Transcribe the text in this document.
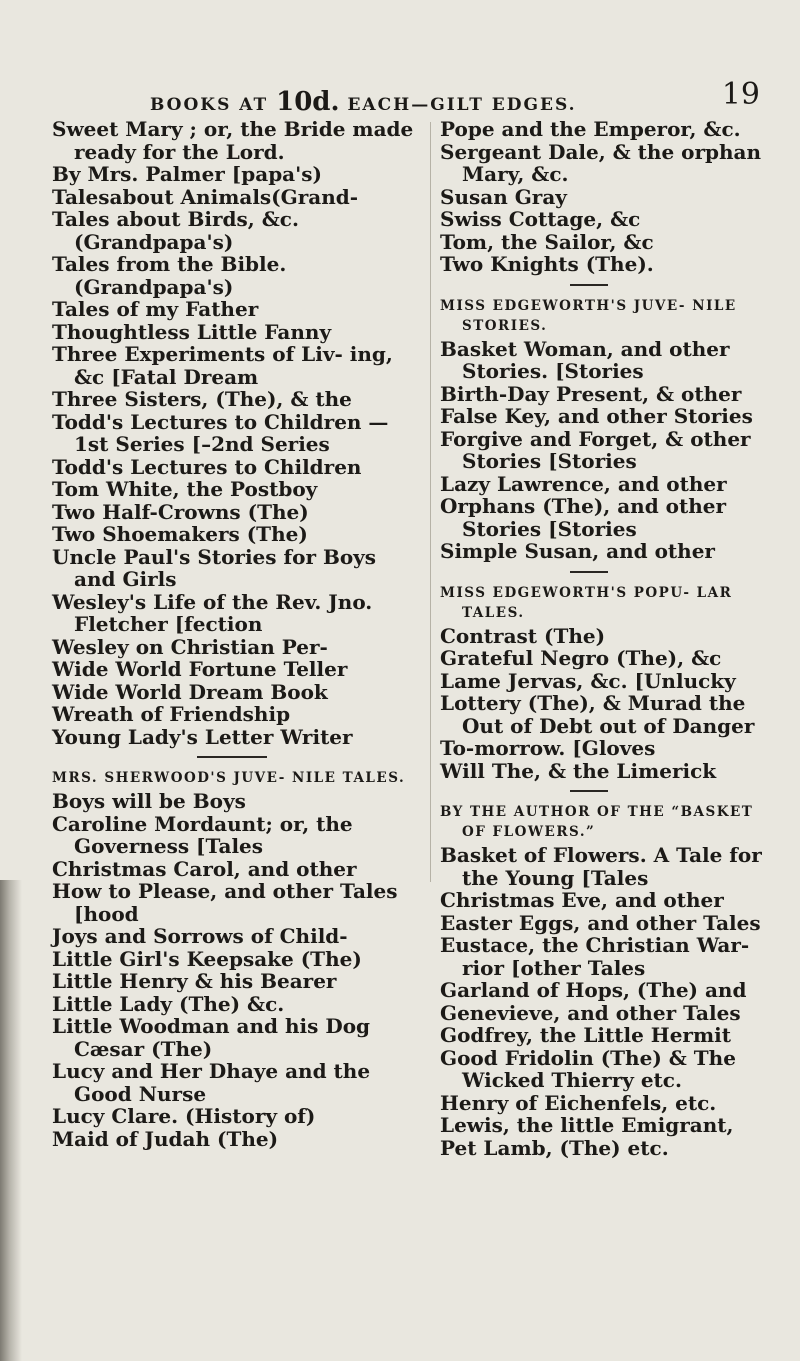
BOOKS AT 10d. EACH—GILT EDGES.	19

Sweet Mary ; or, the Bride made ready for the Lord.

By Mrs. Palmer [papa's)

Talesabout Animals(Grand-

Tales about Birds, &c. (Grandpapa's)

Tales from the Bible. (Grandpapa's)

Tales of my Father

Thoughtless Little Fanny

Three Experiments of Liv- ing, &c [Fatal Dream

Three Sisters, (The), & the

Todd's Lectures to Children —1st Series [–2nd Series

Todd's Lectures to Children

Tom White, the Postboy

Two Half-Crowns (The)

Two Shoemakers (The)

Uncle Paul's Stories for Boys and Girls

Wesley's Life of the Rev. Jno. Fletcher [fection

Wesley on Christian Per-

Wide World Fortune Teller

Wide World Dream Book

Wreath of Friendship

Young Lady's Letter Writer

MRS. SHERWOOD'S JUVE- NILE TALES.

Boys will be Boys

Caroline Mordaunt; or, the Governess [Tales

Christmas Carol, and other

How to Please, and other Tales [hood

Joys and Sorrows of Child-

Little Girl's Keepsake (The)

Little Henry & his Bearer

Little Lady (The) &c.

Little Woodman and his Dog Cæsar (The)

Lucy and Her Dhaye and the Good Nurse

Lucy Clare. (History of)

Maid of Judah (The)

Pope and the Emperor, &c.

Sergeant Dale, & the orphan Mary, &c.

Susan Gray

Swiss Cottage, &c

Tom, the Sailor, &c

Two Knights (The).

MISS EDGEWORTH'S JUVE- NILE STORIES.

Basket Woman, and other Stories. [Stories

Birth-Day Present, & other

False Key, and other Stories

Forgive and Forget, & other Stories [Stories

Lazy Lawrence, and other

Orphans (The), and other Stories [Stories

Simple Susan, and other

MISS EDGEWORTH'S POPU- LAR TALES.

Contrast (The)

Grateful Negro (The), &c

Lame Jervas, &c. [Unlucky

Lottery (The), & Murad the Out of Debt out of Danger

To-morrow. [Gloves

Will The, & the Limerick

BY THE AUTHOR OF THE “BASKET OF FLOWERS.”

Basket of Flowers. A Tale for the Young [Tales

Christmas Eve, and other

Easter Eggs, and other Tales

Eustace, the Christian War- rior [other Tales

Garland of Hops, (The) and

Genevieve, and other Tales

Godfrey, the Little Hermit

Good Fridolin (The) & The Wicked Thierry etc.

Henry of Eichenfels, etc.

Lewis, the little Emigrant,

Pet Lamb, (The) etc.
